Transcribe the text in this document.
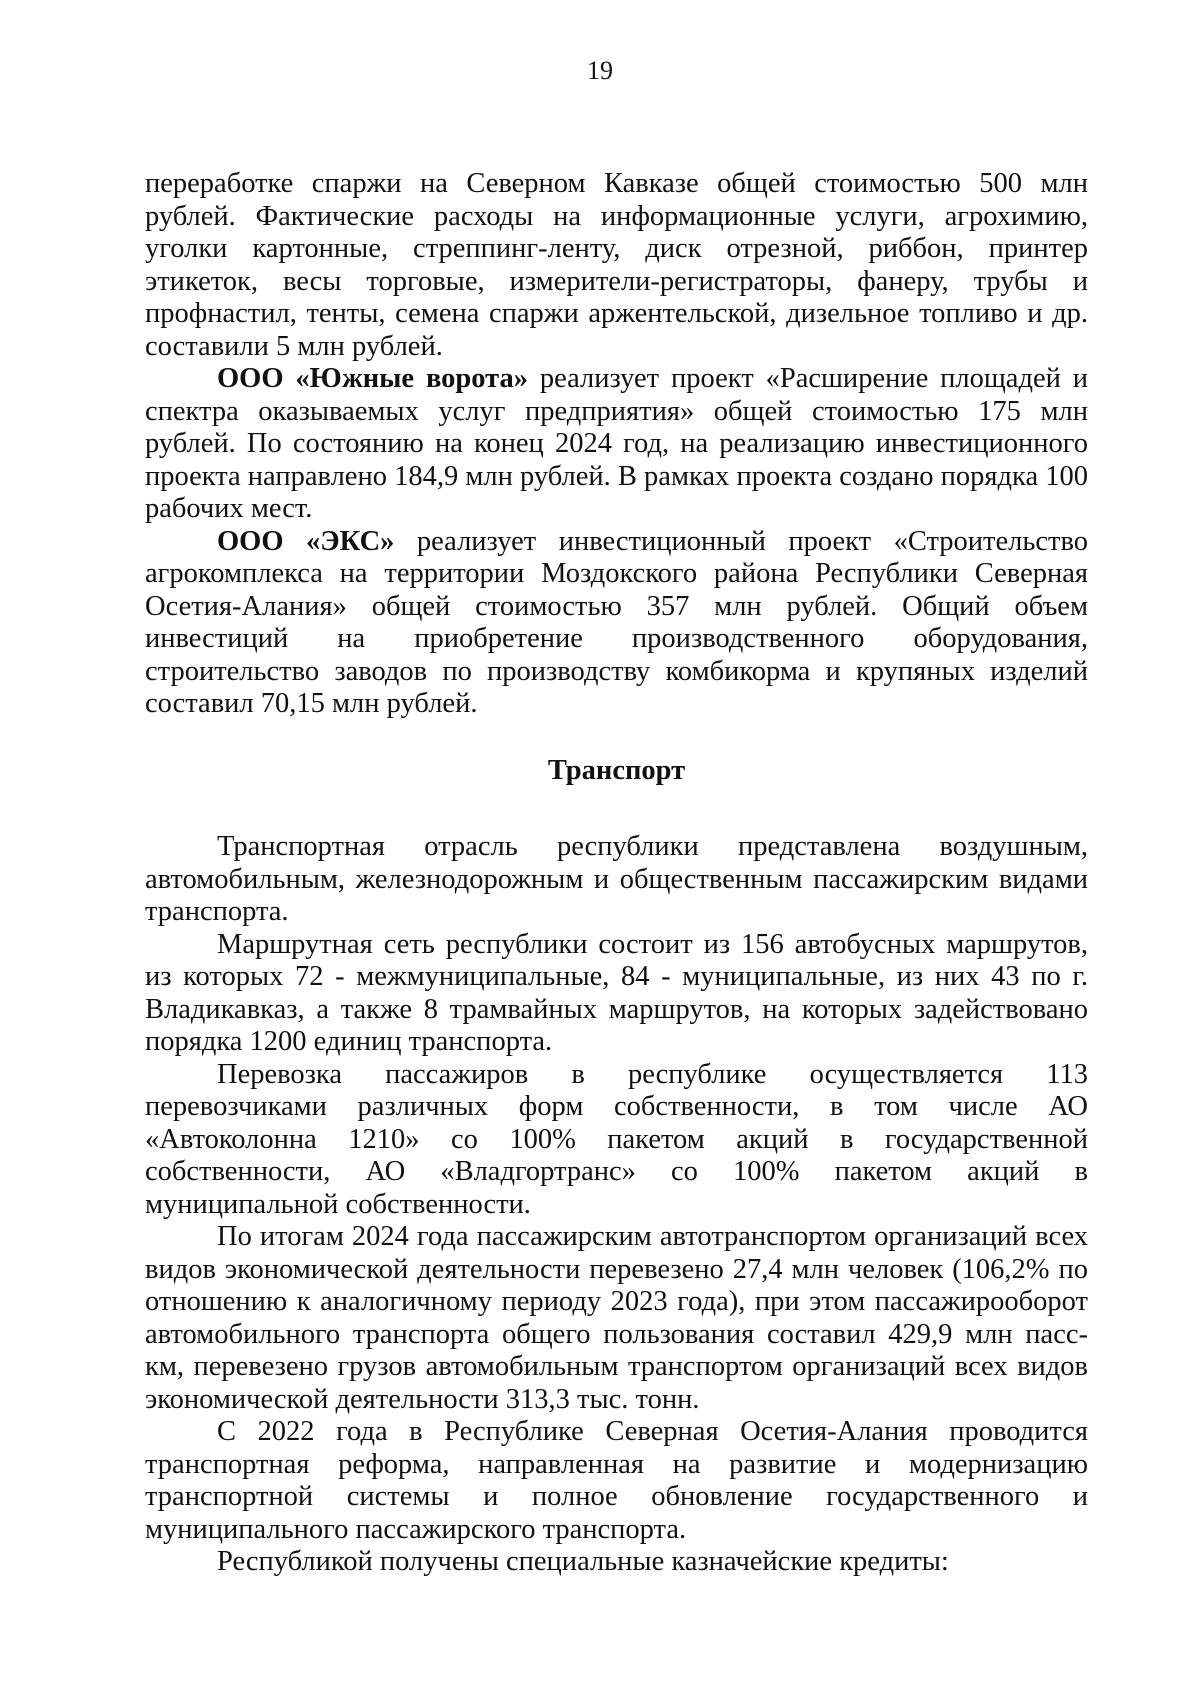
19

переработке спаржи на Северном Кавказе общей стоимостью 500 млн рублей. Фактические расходы на информационные услуги, агрохимию, уголки картонные, стреппинг-ленту, диск отрезной, риббон, принтер этикеток, весы торговые, измерители-регистраторы, фанеру, трубы и профнастил, тенты, семена спаржи аржентельской, дизельное топливо и др. составили 5 млн рублей.

ООО «Южные ворота» реализует проект «Расширение площадей и спектра оказываемых услуг предприятия» общей стоимостью 175 млн рублей. По состоянию на конец 2024 год, на реализацию инвестиционного проекта направлено 184,9 млн рублей. В рамках проекта создано порядка 100 рабочих мест.

ООО «ЭКС» реализует инвестиционный проект «Строительство агрокомплекса на территории Моздокского района Республики Северная Осетия-Алания» общей стоимостью 357 млн рублей. Общий объем инвестиций на приобретение производственного оборудования, строительство заводов по производству комбикорма и крупяных изделий составил 70,15 млн рублей.

Транспорт

Транспортная отрасль республики представлена воздушным, автомобильным, железнодорожным и общественным пассажирским видами транспорта.

Маршрутная сеть республики состоит из 156 автобусных маршрутов, из которых 72 - межмуниципальные, 84 - муниципальные, из них 43 по г. Владикавказ, а также 8 трамвайных маршрутов, на которых задействовано порядка 1200 единиц транспорта.

Перевозка пассажиров в республике осуществляется 113 перевозчиками различных форм собственности, в том числе АО «Автоколонна 1210» со 100% пакетом акций в государственной собственности, АО «Владгортранс» со 100% пакетом акций в муниципальной собственности.

По итогам 2024 года пассажирским автотранспортом организаций всех видов экономической деятельности перевезено 27,4 млн человек (106,2% по отношению к аналогичному периоду 2023 года), при этом пассажирооборот автомобильного транспорта общего пользования составил 429,9 млн пасс-км, перевезено грузов автомобильным транспортом организаций всех видов экономической деятельности 313,3 тыс. тонн.

С 2022 года в Республике Северная Осетия-Алания проводится транспортная реформа, направленная на развитие и модернизацию транспортной системы и полное обновление государственного и муниципального пассажирского транспорта.

Республикой получены специальные казначейские кредиты:
